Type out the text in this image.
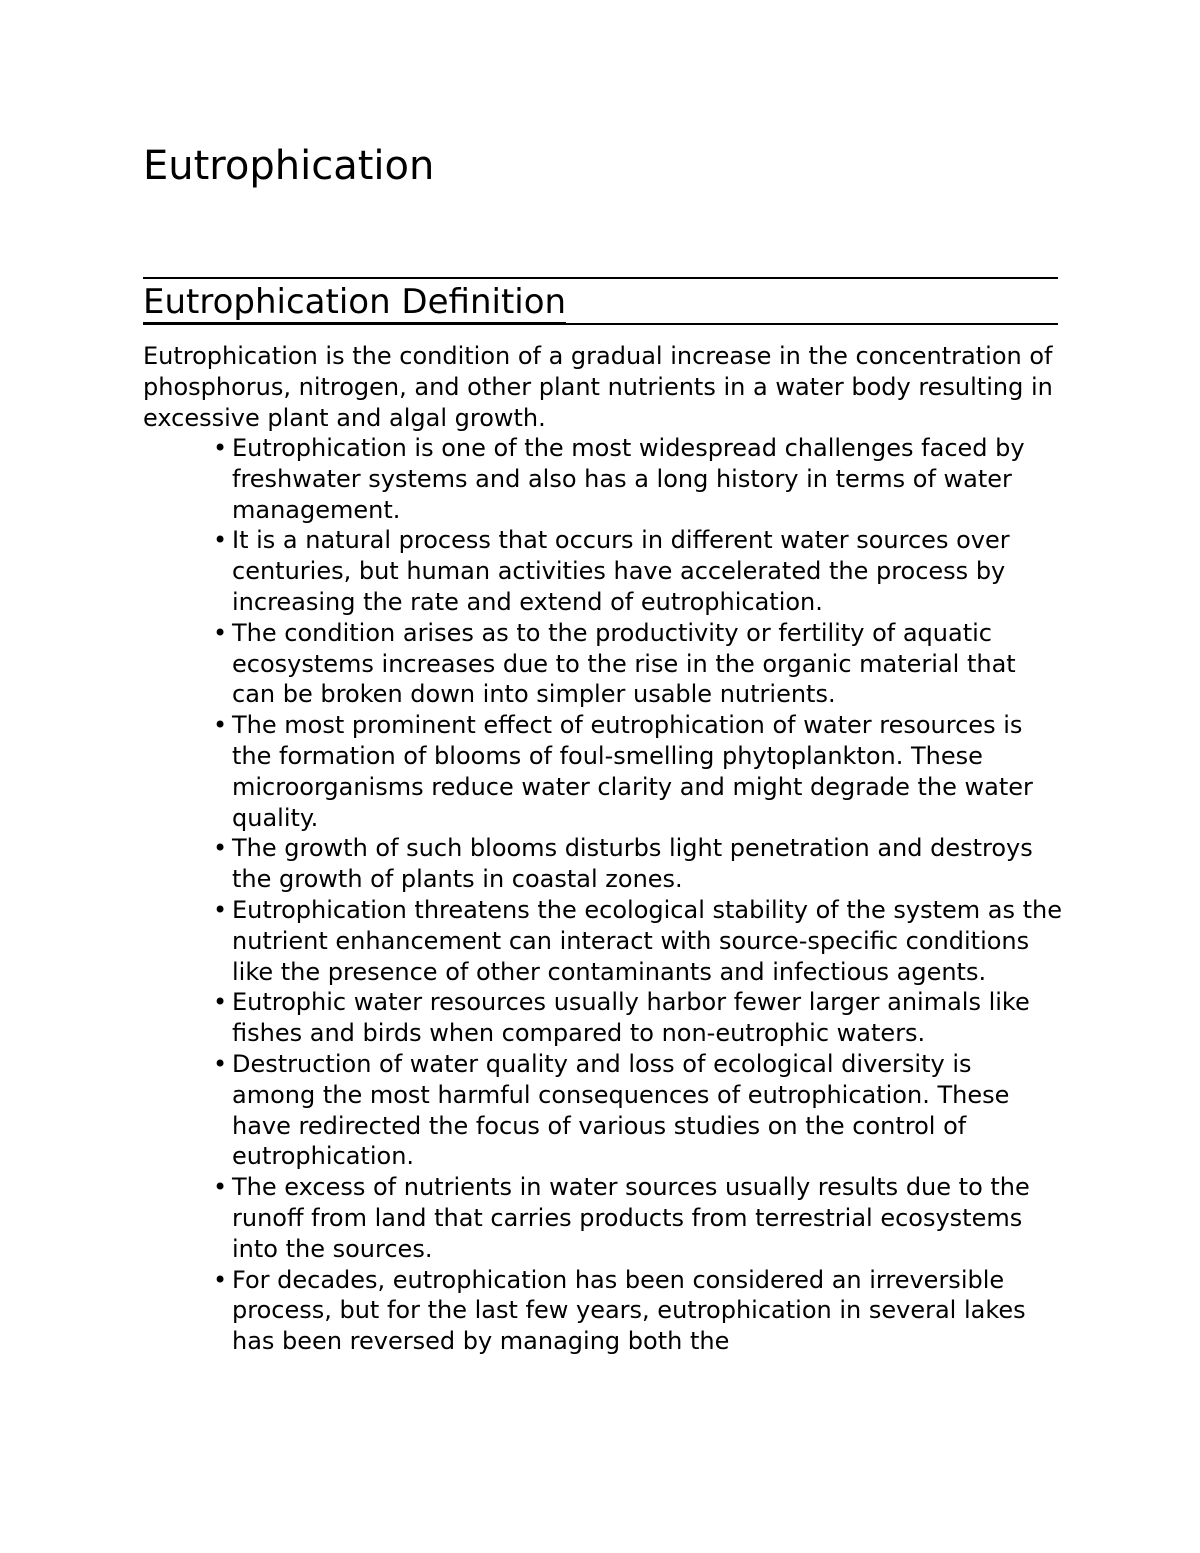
Eutrophication
Eutrophication Definition

Eutrophication is the condition of a gradual increase in the concentration of phosphorus, nitrogen, and other plant nutrients in a water body resulting in excessive plant and algal growth.

• Eutrophication is one of the most widespread challenges faced by freshwater systems and also has a long history in terms of water management.
• It is a natural process that occurs in different water sources over centuries, but human activities have accelerated the process by increasing the rate and extend of eutrophication.
• The condition arises as to the productivity or fertility of aquatic ecosystems increases due to the rise in the organic material that can be broken down into simpler usable nutrients.
• The most prominent effect of eutrophication of water resources is the formation of blooms of foul-smelling phytoplankton. These microorganisms reduce water clarity and might degrade the water quality.
• The growth of such blooms disturbs light penetration and destroys the growth of plants in coastal zones.
• Eutrophication threatens the ecological stability of the system as the nutrient enhancement can interact with source-specific conditions like the presence of other contaminants and infectious agents.
• Eutrophic water resources usually harbor fewer larger animals like fishes and birds when compared to non-eutrophic waters.
• Destruction of water quality and loss of ecological diversity is among the most harmful consequences of eutrophication. These have redirected the focus of various studies on the control of eutrophication.
• The excess of nutrients in water sources usually results due to the runoff from land that carries products from terrestrial ecosystems into the sources.
• For decades, eutrophication has been considered an irreversible process, but for the last few years, eutrophication in several lakes has been reversed by managing both the
